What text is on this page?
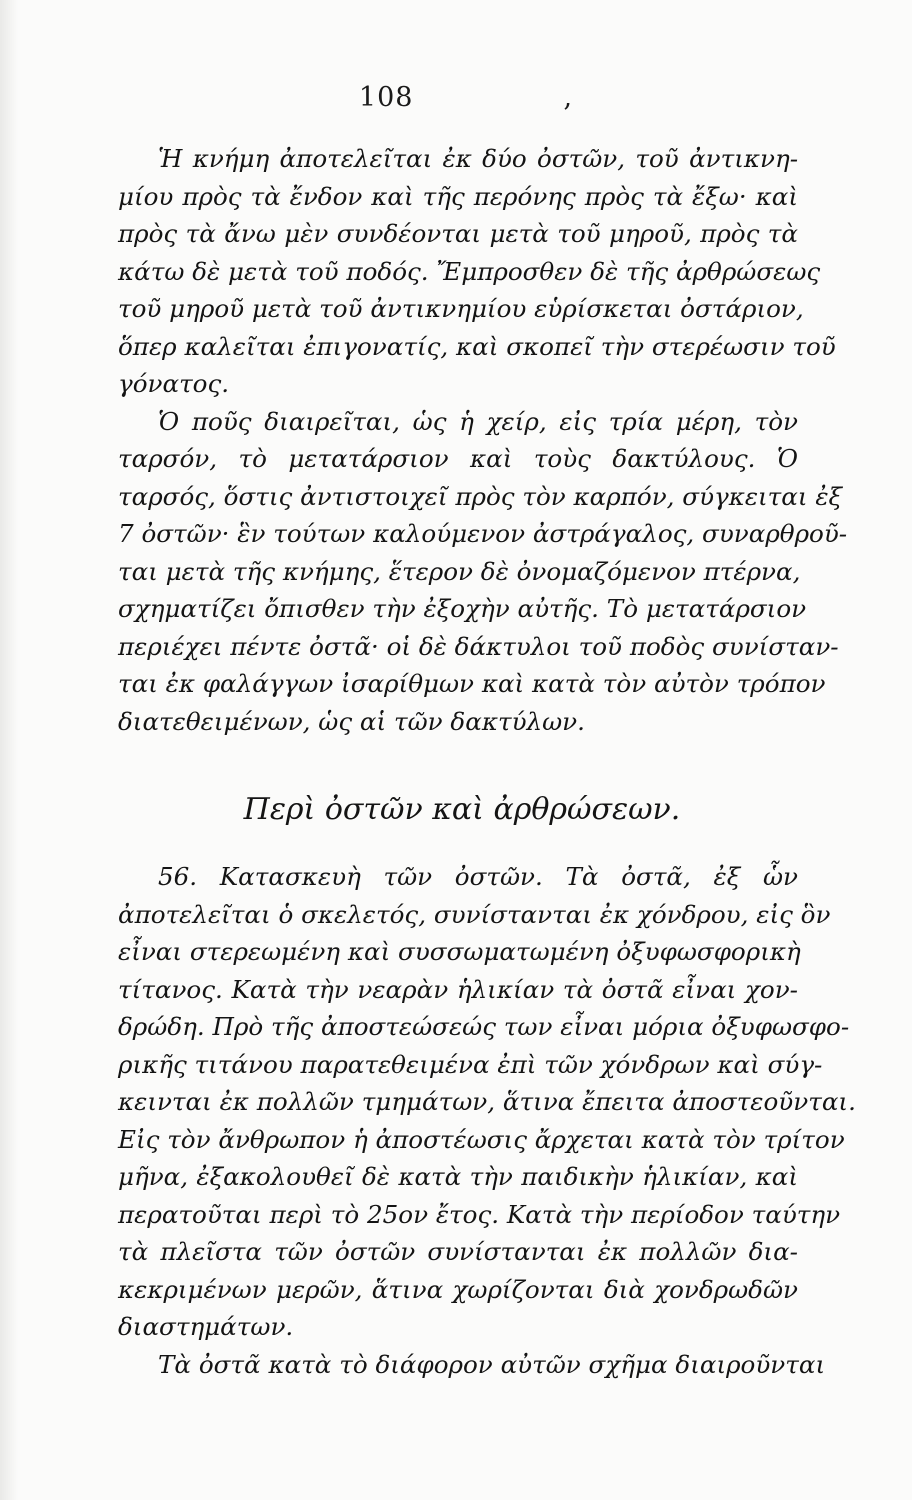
108	,
Ἡ κνήμη ἀποτελεῖται ἐκ δύο ὀστῶν, τοῦ ἀντικνη-
μίου πρὸς τὰ ἔνδον καὶ τῆς περόνης πρὸς τὰ ἔξω· καὶ
πρὸς τὰ ἄνω μὲν συνδέονται μετὰ τοῦ μηροῦ, πρὸς τὰ
κάτω δὲ μετὰ τοῦ ποδός. Ἔμπροσθεν δὲ τῆς ἀρθρώσεως
τοῦ μηροῦ μετὰ τοῦ ἀντικνημίου εὑρίσκεται ὀστάριον,
ὅπερ καλεῖται ἐπιγονατίς, καὶ σκοπεῖ τὴν στερέωσιν τοῦ
γόνατος.
Ὁ ποῦς διαιρεῖται, ὡς ἡ χείρ, εἰς τρία μέρη, τὸν
ταρσόν, τὸ μετατάρσιον καὶ τοὺς δακτύλους. Ὁ
ταρσός, ὅστις ἀντιστοιχεῖ πρὸς τὸν καρπόν, σύγκειται ἐξ
7 ὀστῶν· ἓν τούτων καλούμενον ἀστράγαλος, συναρθροῦ-
ται μετὰ τῆς κνήμης, ἕτερον δὲ ὀνομαζόμενον πτέρνα,
σχηματίζει ὄπισθεν τὴν ἐξοχὴν αὐτῆς. Τὸ μετατάρσιον
περιέχει πέντε ὀστᾶ· οἱ δὲ δάκτυλοι τοῦ ποδὸς συνίσταν-
ται ἐκ φαλάγγων ἰσαρίθμων καὶ κατὰ τὸν αὐτὸν τρόπον
διατεθειμένων, ὡς αἱ τῶν δακτύλων.
Περὶ ὀστῶν καὶ ἀρθρώσεων.
56. Κατασκευὴ τῶν ὀστῶν. Τὰ ὀστᾶ, ἐξ ὧν
ἀποτελεῖται ὁ σκελετός, συνίστανται ἐκ χόνδρου, εἰς ὃν
εἶναι στερεωμένη καὶ συσσωματωμένη ὀξυφωσφορικὴ
τίτανος. Κατὰ τὴν νεαρὰν ἡλικίαν τὰ ὀστᾶ εἶναι χον-
δρώδη. Πρὸ τῆς ἀποστεώσεώς των εἶναι μόρια ὀξυφωσφο-
ρικῆς τιτάνου παρατεθειμένα ἐπὶ τῶν χόνδρων καὶ σύγ-
κεινται ἐκ πολλῶν τμημάτων, ἅτινα ἔπειτα ἀποστεοῦνται.
Εἰς τὸν ἄνθρωπον ἡ ἀποστέωσις ἄρχεται κατὰ τὸν τρίτον
μῆνα, ἐξακολουθεῖ δὲ κατὰ τὴν παιδικὴν ἡλικίαν, καὶ
περατοῦται περὶ τὸ 25ον ἔτος. Κατὰ τὴν περίοδον ταύτην
τὰ πλεῖστα τῶν ὀστῶν συνίστανται ἐκ πολλῶν δια-
κεκριμένων μερῶν, ἅτινα χωρίζονται διὰ χονδρωδῶν
διαστημάτων.
Τὰ ὀστᾶ κατὰ τὸ διάφορον αὐτῶν σχῆμα διαιροῦνται
